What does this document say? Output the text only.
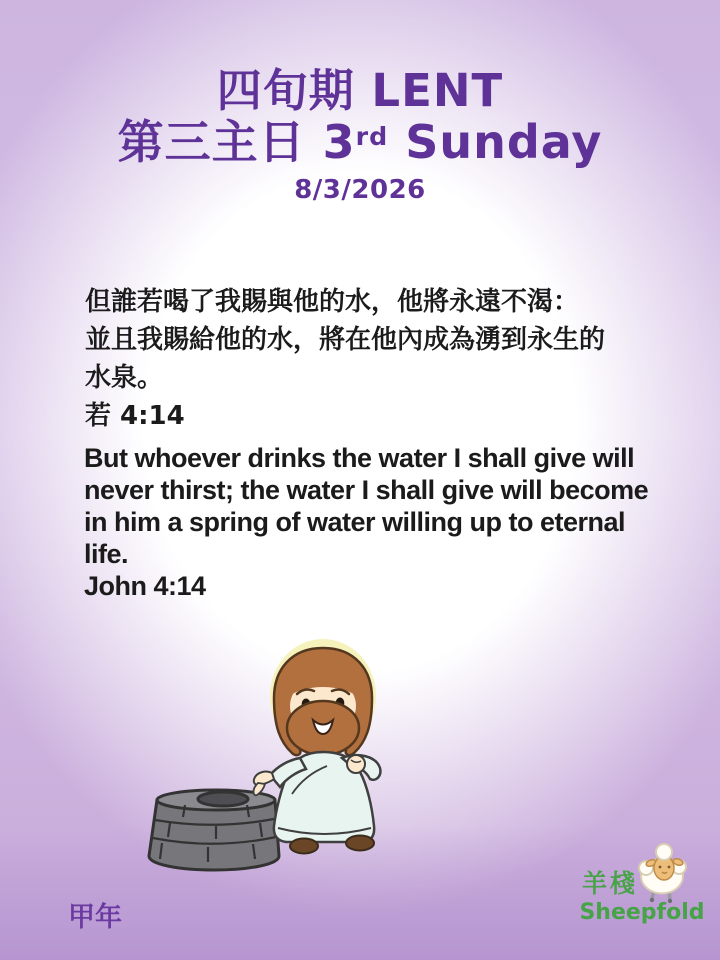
四旬期 LENT
第三主日 3rd Sunday
8/3/2026
但誰若喝了我賜與他的水，他將永遠不渴：
並且我賜給他的水，將在他內成為湧到永生的
水泉。
若 4:14
But whoever drinks the water I shall give will
never thirst; the water I shall give will become
in him a spring of water willing up to eternal
life.
John 4:14
甲年
羊棧
Sheepfold
